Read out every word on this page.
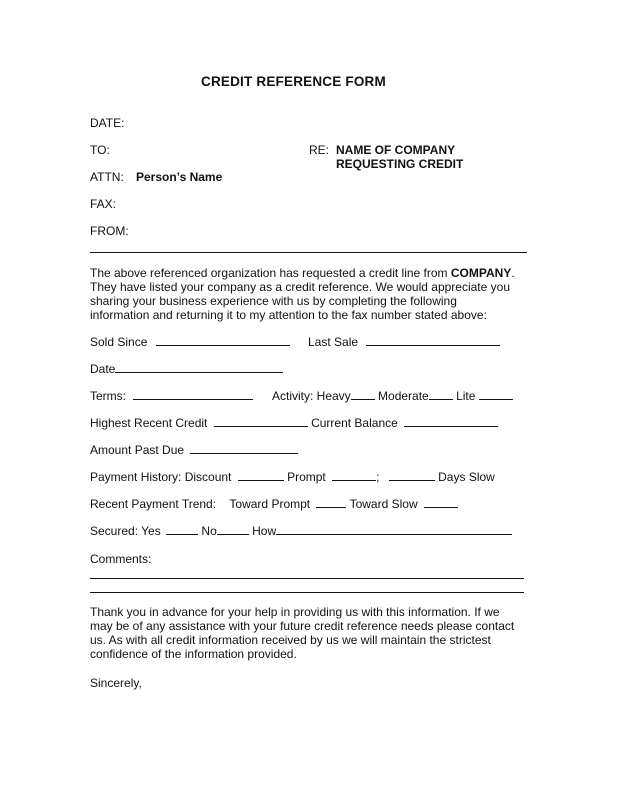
CREDIT REFERENCE FORM
DATE:
TO:	RE: NAME OF COMPANY
REQUESTING CREDIT
ATTN: Person’s Name
FAX:
FROM:
The above referenced organization has requested a credit line from COMPANY.
They have listed your company as a credit reference. We would appreciate you
sharing your business experience with us by completing the following
information and returning it to my attention to the fax number stated above:
Sold Since	Last Sale
Date
Terms:	Activity: Heavy Moderate Lite
Highest Recent Credit	Current Balance
Amount Past Due
Payment History: Discount	Prompt	;	Days Slow
Recent Payment Trend: Toward Prompt	Toward Slow
Secured: Yes	No	How
Comments:
Thank you in advance for your help in providing us with this information. If we
may be of any assistance with your future credit reference needs please contact
us. As with all credit information received by us we will maintain the strictest
confidence of the information provided.
Sincerely,
